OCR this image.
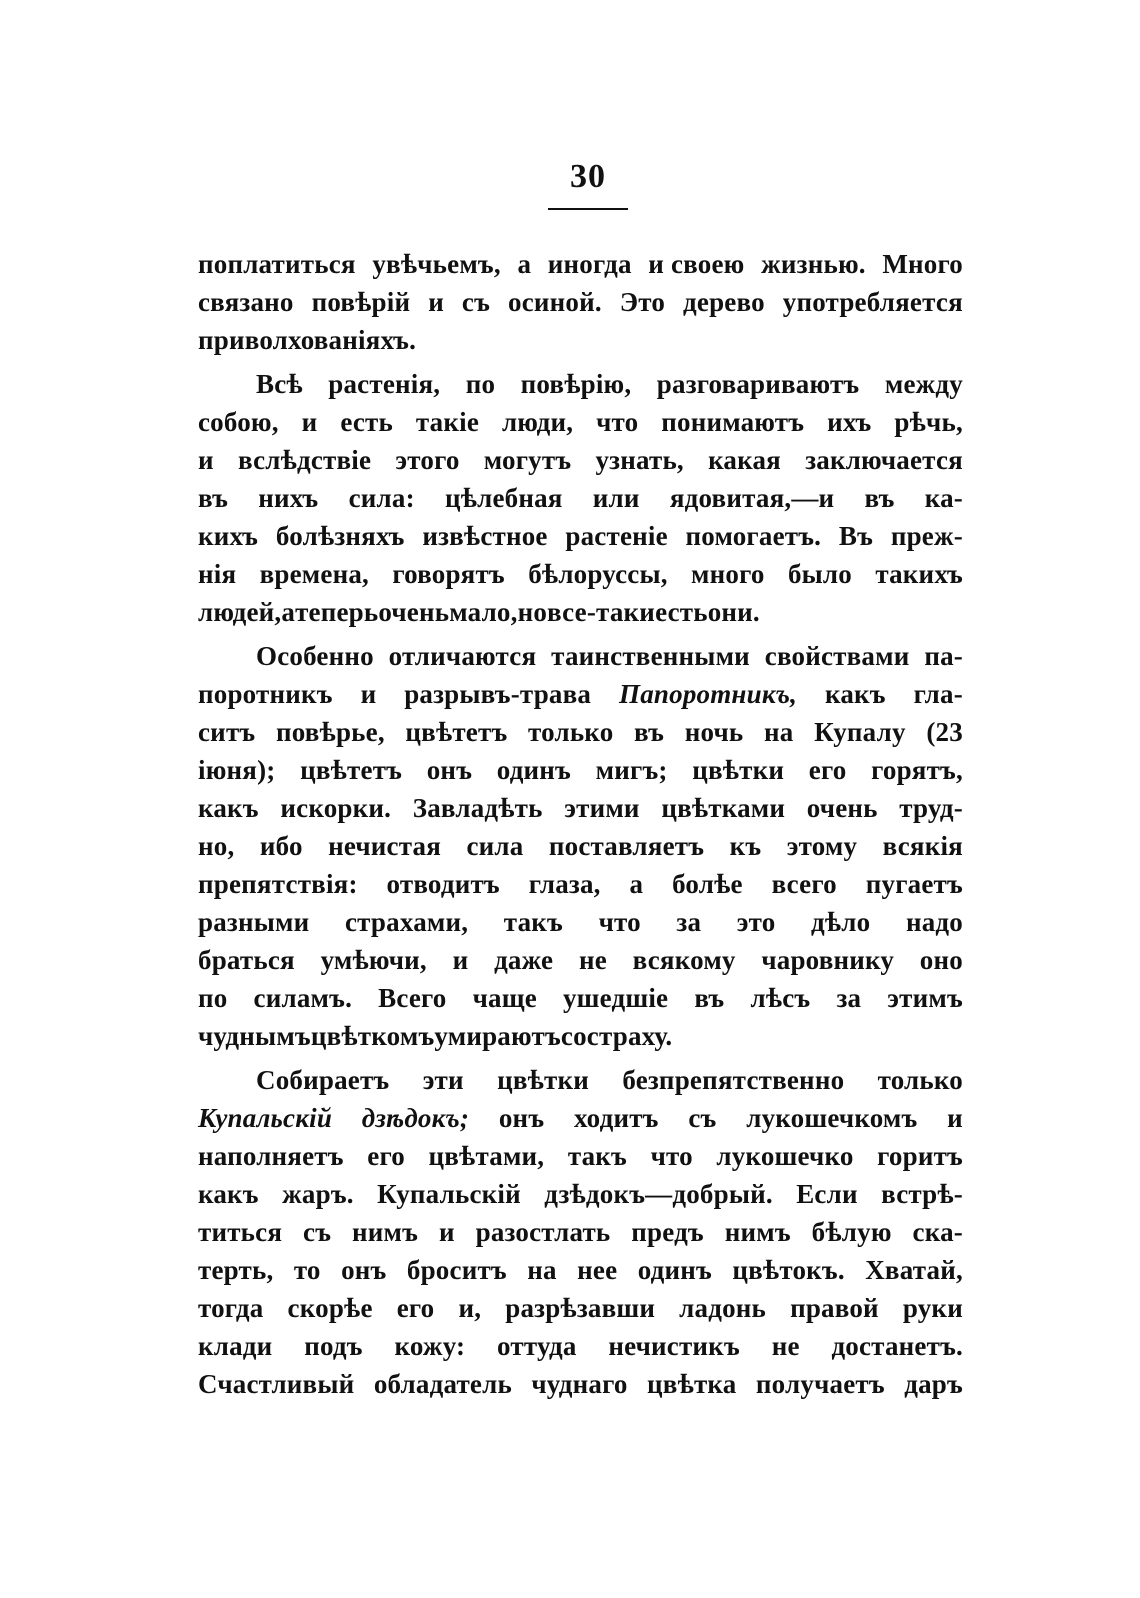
30
поплатиться увѣчьемъ, а иногда и своею жизнью. Много
связано повѣрій и съ осиной. Это дерево употребляется
при волхованіяхъ.
Всѣ растенія, по повѣрію, разговариваютъ между
собою, и есть такіе люди, что понимаютъ ихъ рѣчь,
и вслѣдствіе этого могутъ узнать, какая заключается
въ нихъ сила: цѣлебная или ядовитая,—и въ ка-
кихъ болѣзняхъ извѣстное растеніе помогаетъ. Въ преж-
нія времена, говорятъ бѣлоруссы, много было такихъ
людей, а теперь очень мало, но все-таки есть они.
Особенно отличаются таинственными свойствами па-
поротникъ и разрывъ-трава Папоротникъ, какъ гла-
ситъ повѣрье, цвѣтетъ только въ ночь на Купалу (23
іюня); цвѣтетъ онъ одинъ мигъ; цвѣтки его горятъ,
какъ искорки. Завладѣть этими цвѣтками очень труд-
но, ибо нечистая сила поставляетъ къ этому всякія
препятствія: отводитъ глаза, а болѣе всего пугаетъ
разными страхами, такъ что за это дѣло надо
браться умѣючи, и даже не всякому чаровнику оно
по силамъ. Всего чаще ушедшіе въ лѣсъ за этимъ
чуднымъ цвѣткомъ умираютъ со страху.
Собираетъ эти цвѣтки безпрепятственно только
Купальскій дзѣдокъ; онъ ходитъ съ лукошечкомъ и
наполняетъ его цвѣтами, такъ что лукошечко горитъ
какъ жаръ. Купальскій дзѣдокъ—добрый. Если встрѣ-
титься съ нимъ и разостлать предъ нимъ бѣлую ска-
терть, то онъ броситъ на нее одинъ цвѣтокъ. Хватай,
тогда скорѣе его и, разрѣзавши ладонь правой руки
клади подъ кожу: оттуда нечистикъ не достанетъ.
Счастливый обладатель чуднаго цвѣтка получаетъ даръ
